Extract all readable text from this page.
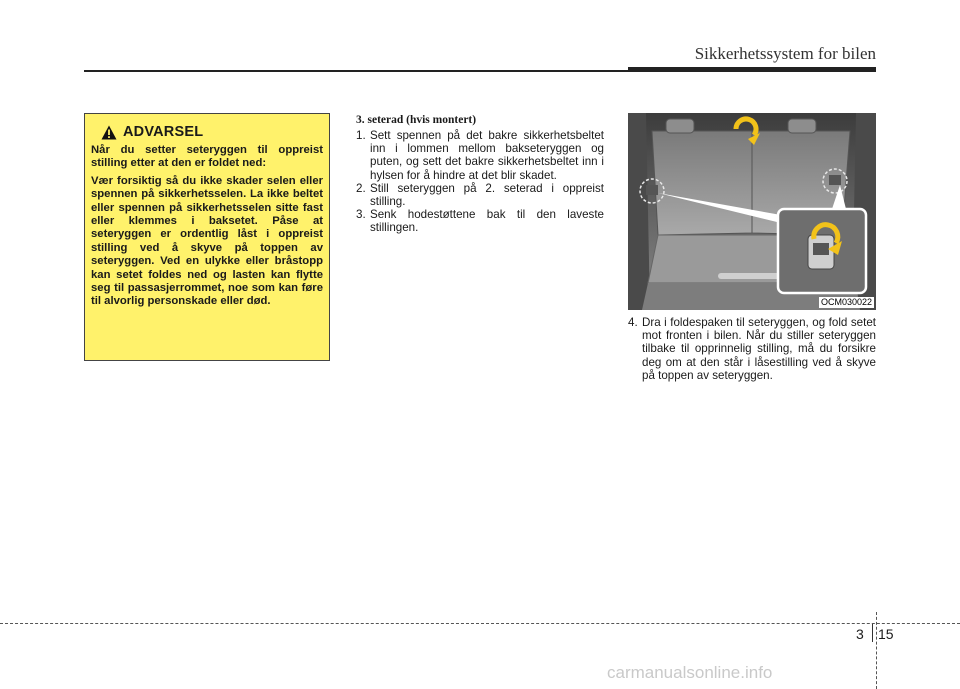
Sikkerhetssystem for bilen
ADVARSEL

Når du setter seteryggen til oppreist stilling etter at den er foldet ned:

Vær forsiktig så du ikke skader selen eller spennen på sikkerhetsselen. La ikke beltet eller spennen på sikkerhetsselen sitte fast eller klemmes i baksetet. Påse at seteryggen er ordentlig låst i oppreist stilling ved å skyve på toppen av seteryggen. Ved en ulykke eller bråstopp kan setet foldes ned og lasten kan flytte seg til passasjerrommet, noe som kan føre til alvorlig personskade eller død.

3. seterad (hvis montert)
1. Sett spennen på det bakre sikkerhetsbeltet inn i lommen mellom bakseteryggen og puten, og sett det bakre sikkerhetsbeltet inn i hylsen for å hindre at det blir skadet.
2. Still seteryggen på 2. seterad i oppreist stilling.
3. Senk hodestøttene bak til den laveste stillingen.
OCM030022
4. Dra i foldespaken til seteryggen, og fold setet mot fronten i bilen. Når du stiller seteryggen tilbake til opprinnelig stilling, må du forsikre deg om at den står i låsestilling ved å skyve på toppen av seteryggen.
3 15
carmanualsonline.info
